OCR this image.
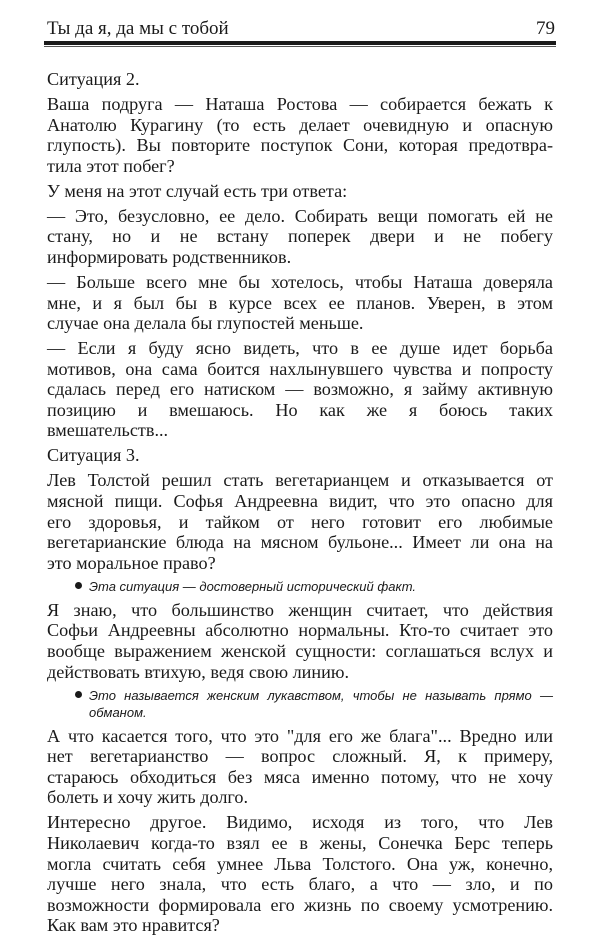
Ты да я, да мы с тобой	79
Ситуация 2.
Ваша подруга — Наташа Ростова — собирается бежать к
Анатолю Курагину (то есть делает очевидную и опасную
глупость). Вы повторите поступок Сони, которая предотвра-
тила этот побег?
У меня на этот случай есть три ответа:
— Это, безусловно, ее дело. Собирать вещи помогать ей не
стану, но и не встану поперек двери и не побегу
информировать родственников.
— Больше всего мне бы хотелось, чтобы Наташа доверяла
мне, и я был бы в курсе всех ее планов. Уверен, в этом
случае она делала бы глупостей меньше.
— Если я буду ясно видеть, что в ее душе идет борьба
мотивов, она сама боится нахлынувшего чувства и попросту
сдалась перед его натиском — возможно, я займу активную
позицию и вмешаюсь. Но как же я боюсь таких
вмешательств...
Ситуация 3.
Лев Толстой решил стать вегетарианцем и отказывается от
мясной пищи. Софья Андреевна видит, что это опасно для
его здоровья, и тайком от него готовит его любимые
вегетарианские блюда на мясном бульоне... Имеет ли она на
это моральное право?
Эта ситуация — достоверный исторический факт.
Я знаю, что большинство женщин считает, что действия
Софьи Андреевны абсолютно нормальны. Кто-то считает это
вообще выражением женской сущности: соглашаться вслух и
действовать втихую, ведя свою линию.
Это называется женским лукавством, чтобы не называть прямо —
обманом.
А что касается того, что это "для его же блага"... Вредно или
нет вегетарианство — вопрос сложный. Я, к примеру,
стараюсь обходиться без мяса именно потому, что не хочу
болеть и хочу жить долго.
Интересно другое. Видимо, исходя из того, что Лев
Николаевич когда-то взял ее в жены, Сонечка Берс теперь
могла считать себя умнее Льва Толстого. Она уж, конечно,
лучше него знала, что есть благо, а что — зло, и по
возможности формировала его жизнь по своему усмотрению.
Как вам это нравится?
